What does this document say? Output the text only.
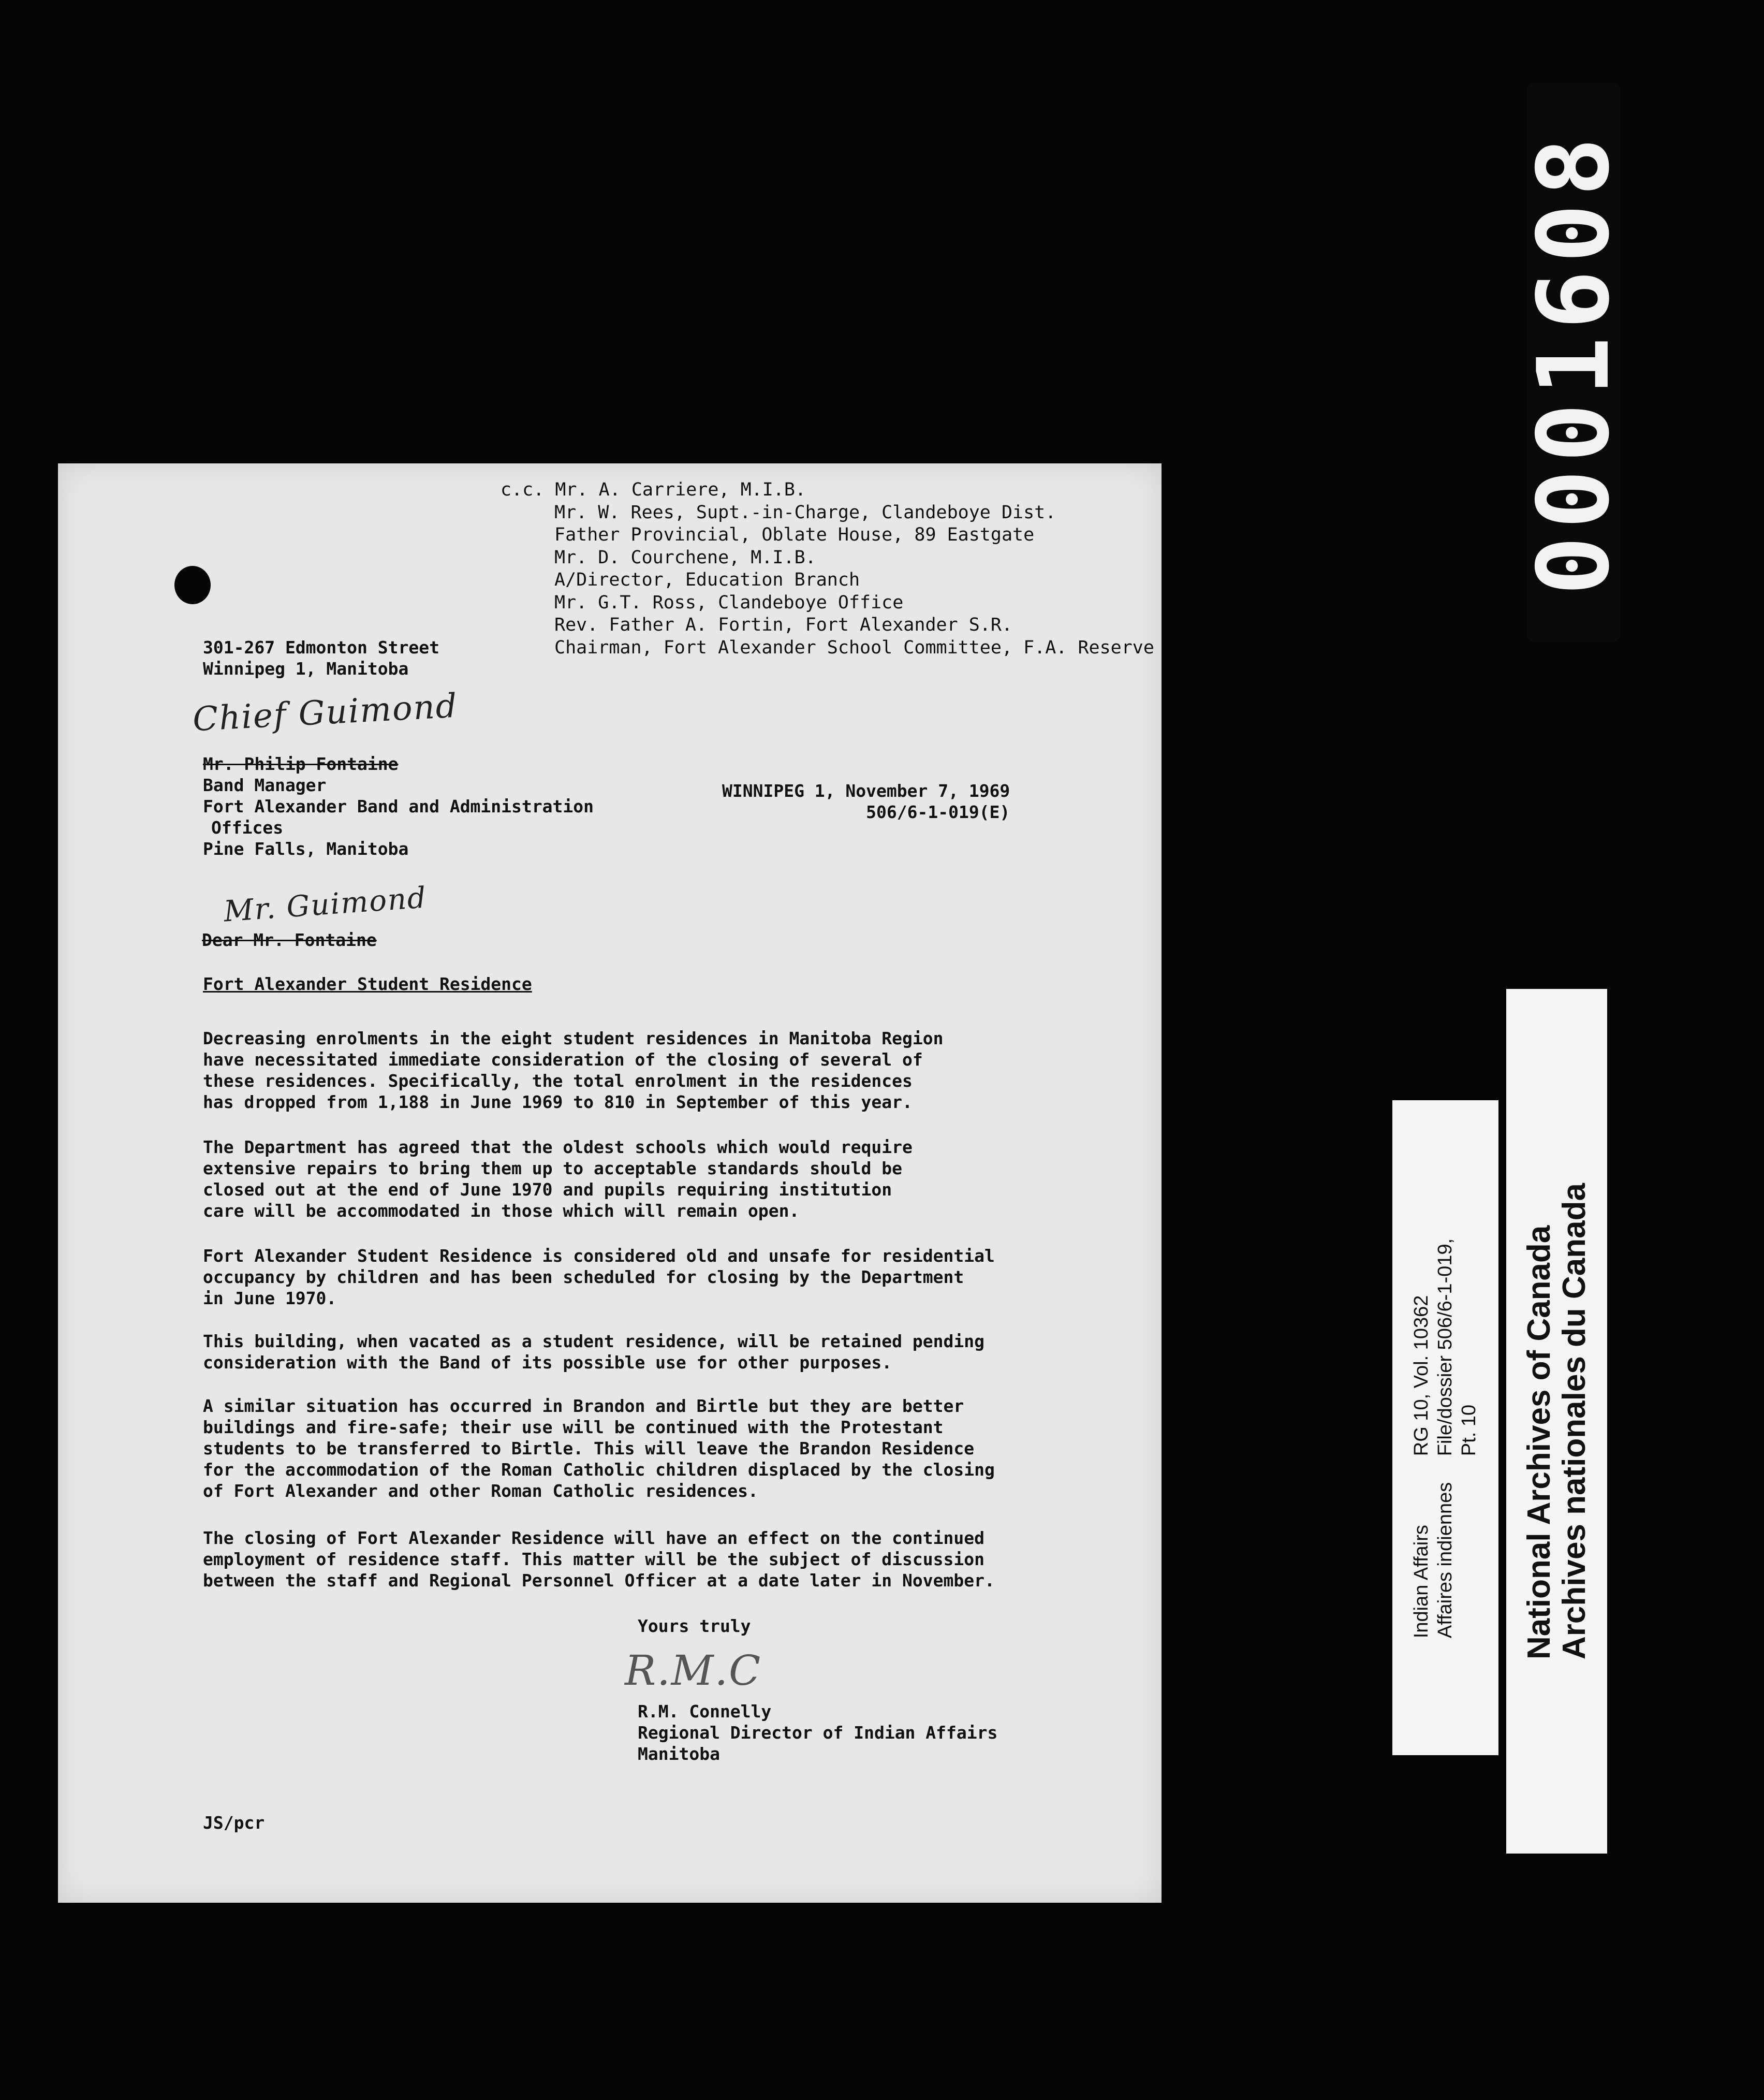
0001608
c.c. Mr. A. Carriere, M.I.B.
Mr. W. Rees, Supt.-in-Charge, Clandeboye Dist.
Father Provincial, Oblate House, 89 Eastgate
Mr. D. Courchene, M.I.B.
A/Director, Education Branch
Mr. G.T. Ross, Clandeboye Office
Rev. Father A. Fortin, Fort Alexander S.R.
Chairman, Fort Alexander School Committee, F.A. Reserve
301-267 Edmonton Street
Winnipeg 1, Manitoba
Chief Guimond
Mr. Philip Fontaine
Band Manager
Fort Alexander Band and Administration
Offices
Pine Falls, Manitoba
WINNIPEG 1, November 7, 1969
506/6-1-019(E)
Mr. Guimond
Dear Mr. Fontaine
Fort Alexander Student Residence
Decreasing enrolments in the eight student residences in Manitoba Region
have necessitated immediate consideration of the closing of several of
these residences. Specifically, the total enrolment in the residences
has dropped from 1,188 in June 1969 to 810 in September of this year.
The Department has agreed that the oldest schools which would require
extensive repairs to bring them up to acceptable standards should be
closed out at the end of June 1970 and pupils requiring institution
care will be accommodated in those which will remain open.
Fort Alexander Student Residence is considered old and unsafe for residential
occupancy by children and has been scheduled for closing by the Department
in June 1970.
This building, when vacated as a student residence, will be retained pending
consideration with the Band of its possible use for other purposes.
A similar situation has occurred in Brandon and Birtle but they are better
buildings and fire-safe; their use will be continued with the Protestant
students to be transferred to Birtle. This will leave the Brandon Residence
for the accommodation of the Roman Catholic children displaced by the closing
of Fort Alexander and other Roman Catholic residences.
The closing of Fort Alexander Residence will have an effect on the continued
employment of residence staff. This matter will be the subject of discussion
between the staff and Regional Personnel Officer at a date later in November.
Yours truly
R.M.C
R.M. Connelly
Regional Director of Indian Affairs
Manitoba
JS/pcr
Indian Affairs Affaires indiennes

RG 10, Vol. 10362 File/dossier 506/6-1-019, Pt. 10 National Archives of Canada Archives nationales du Canada
